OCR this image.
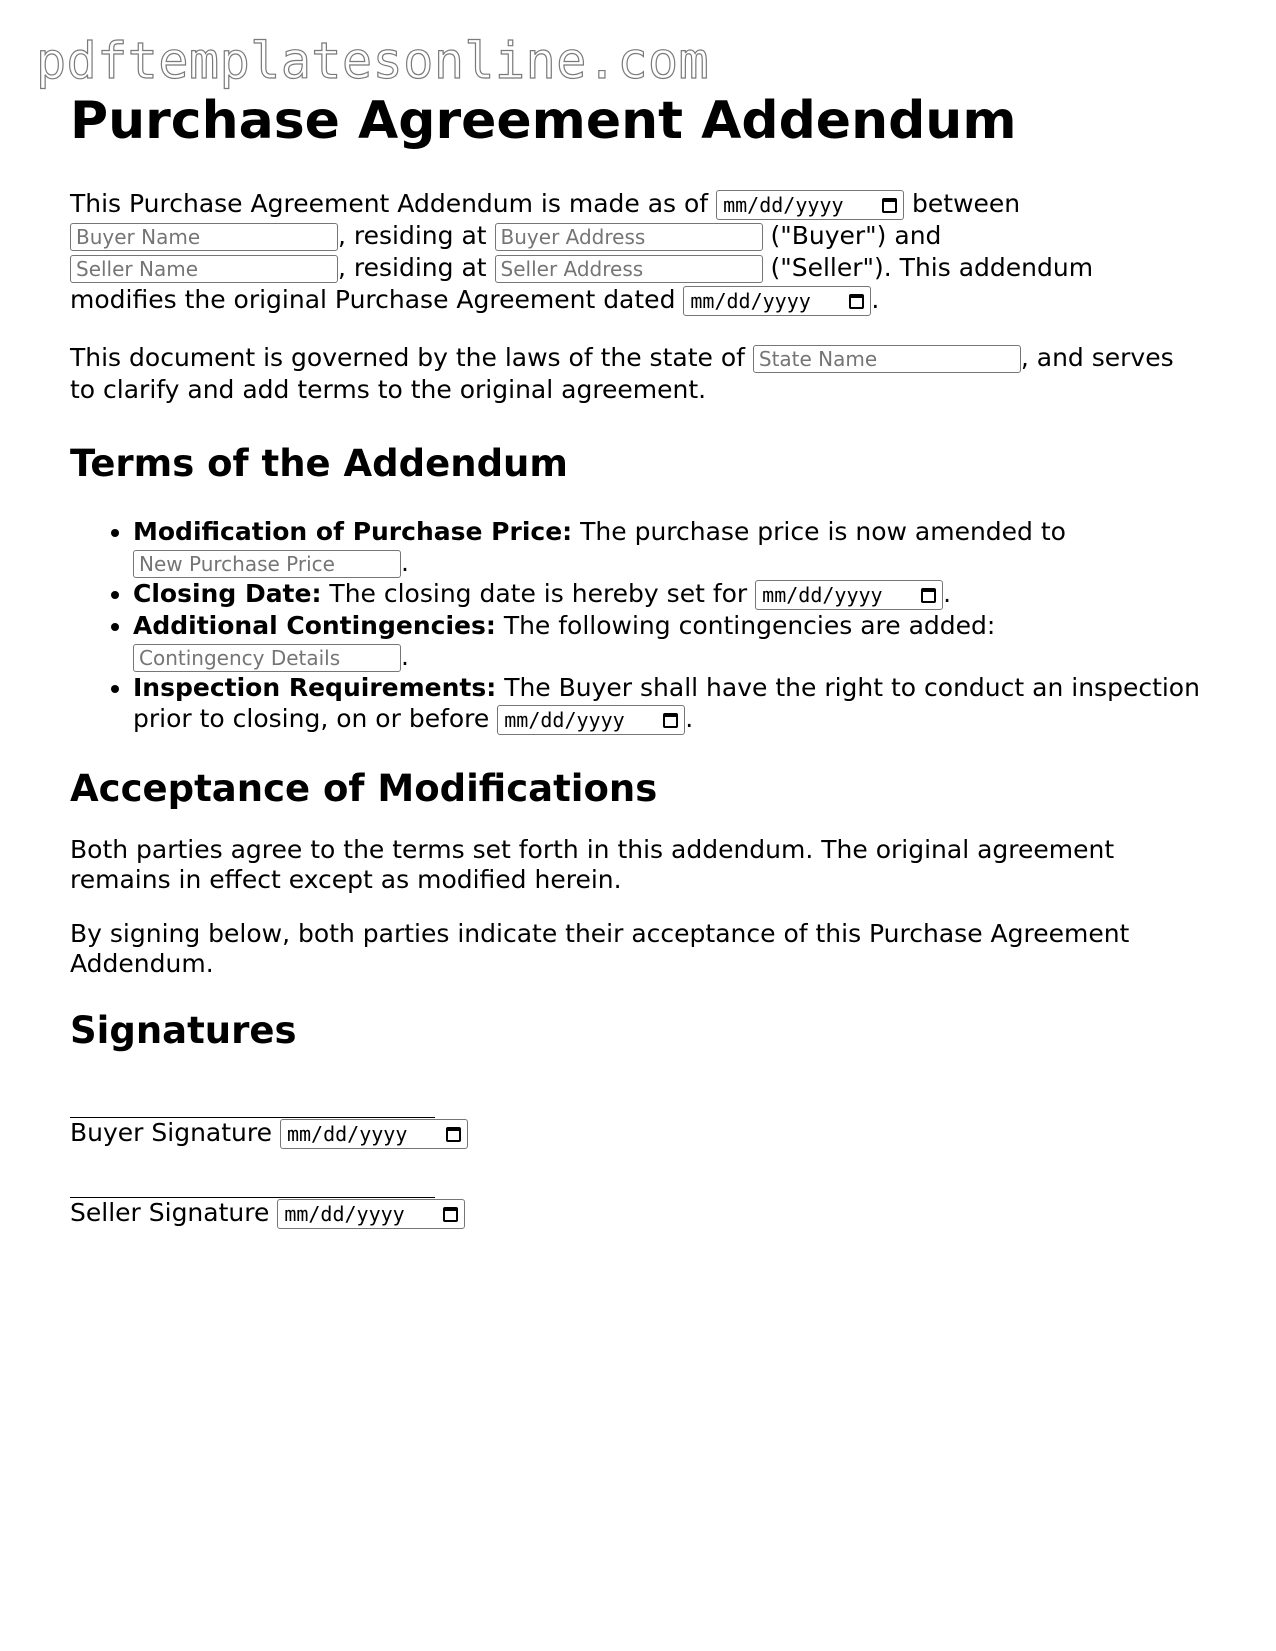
pdftemplatesonline.com
Purchase Agreement Addendum

This Purchase Agreement Addendum is made as of mm/dd/yyyy	between Buyer Name, residing at Buyer Address	("Buyer") and Seller Name, residing at Seller Address	("Seller"). This addendum modifies the original Purchase Agreement dated mm/dd/yyyy .

This document is governed by the laws of the state of State Name	, and serves to clarify and add terms to the original agreement.

Terms of the Addendum
• Modification of Purchase Price: The purchase price is now amended to New Purchase Price.
• Closing Date: The closing date is hereby set for mm/dd/yyyy .
• Additional Contingencies: The following contingencies are added: Contingency Details.
• Inspection Requirements: The Buyer shall have the right to conduct an inspection prior to closing, on or before mm/dd/yyyy .
Acceptance of Modifications

Both parties agree to the terms set forth in this addendum. The original agreement remains in effect except as modified herein.

By signing below, both parties indicate their acceptance of this Purchase Agreement Addendum.

Signatures
Buyer Signature mm/dd/yyyy
Seller Signature mm/dd/yyyy
